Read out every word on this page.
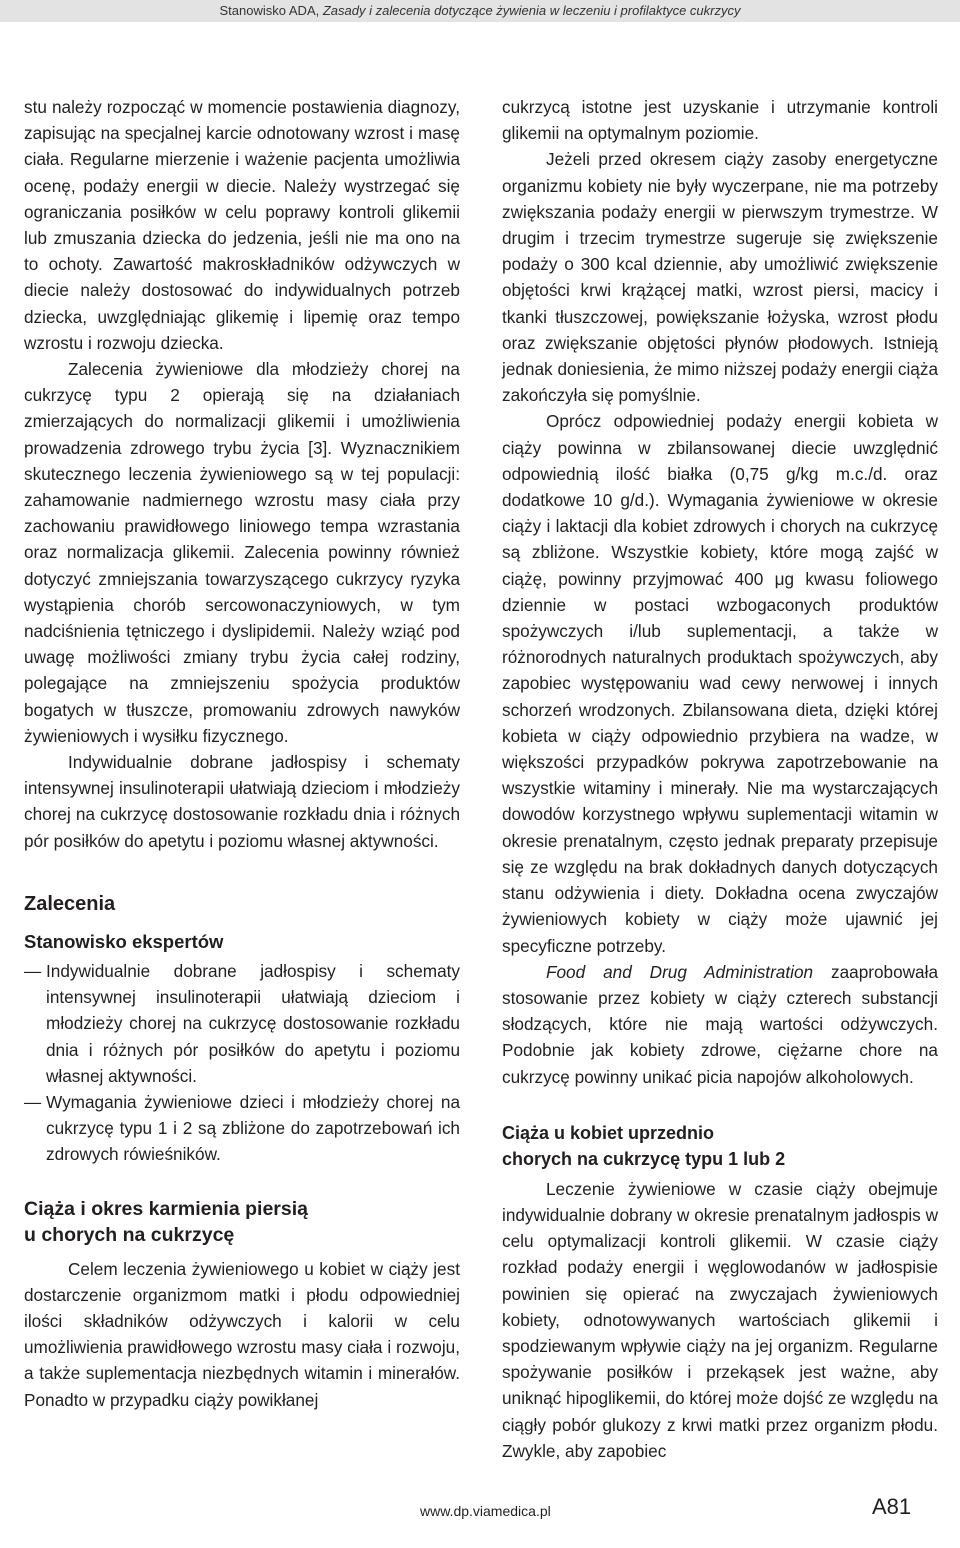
Stanowisko ADA, Zasady i zalecenia dotyczące żywienia w leczeniu i profilaktyce cukrzycy

stu należy rozpocząć w momencie postawienia diagnozy, zapisując na specjalnej karcie odnotowany wzrost i masę ciała. Regularne mierzenie i ważenie pacjenta umożliwia ocenę, podaży energii w diecie. Należy wystrzegać się ograniczania posiłków w celu poprawy kontroli glikemii lub zmuszania dziecka do jedzenia, jeśli nie ma ono na to ochoty. Zawartość makroskładników odżywczych w diecie należy dostosować do indywidualnych potrzeb dziecka, uwzględniając glikemię i lipemię oraz tempo wzrostu i rozwoju dziecka.

Zalecenia żywieniowe dla młodzieży chorej na cukrzycę typu 2 opierają się na działaniach zmierzających do normalizacji glikemii i umożliwienia prowadzenia zdrowego trybu życia [3]. Wyznacznikiem skutecznego leczenia żywieniowego są w tej populacji: zahamowanie nadmiernego wzrostu masy ciała przy zachowaniu prawidłowego liniowego tempa wzrastania oraz normalizacja glikemii. Zalecenia powinny również dotyczyć zmniejszania towarzyszącego cukrzycy ryzyka wystąpienia chorób sercowonaczyniowych, w tym nadciśnienia tętniczego i dyslipidemii. Należy wziąć pod uwagę możliwości zmiany trybu życia całej rodziny, polegające na zmniejszeniu spożycia produktów bogatych w tłuszcze, promowaniu zdrowych nawyków żywieniowych i wysiłku fizycznego.

Indywidualnie dobrane jadłospisy i schematy intensywnej insulinoterapii ułatwiają dzieciom i młodzieży chorej na cukrzycę dostosowanie rozkładu dnia i różnych pór posiłków do apetytu i poziomu własnej aktywności.

Zalecenia
Stanowisko ekspertów
— Indywidualnie dobrane jadłospisy i schematy intensywnej insulinoterapii ułatwiają dzieciom i młodzieży chorej na cukrzycę dostosowanie rozkładu dnia i różnych pór posiłków do apetytu i poziomu własnej aktywności.
— Wymagania żywieniowe dzieci i młodzieży chorej na cukrzycę typu 1 i 2 są zbliżone do zapotrzebowań ich zdrowych rówieśników.
Ciąża i okres karmienia piersią
u chorych na cukrzycę

Celem leczenia żywieniowego u kobiet w ciąży jest dostarczenie organizmom matki i płodu odpowiedniej ilości składników odżywczych i kalorii w celu umożliwienia prawidłowego wzrostu masy ciała i rozwoju, a także suplementacja niezbędnych witamin i minerałów. Ponadto w przypadku ciąży powikłanej

cukrzycą istotne jest uzyskanie i utrzymanie kontroli glikemii na optymalnym poziomie.

Jeżeli przed okresem ciąży zasoby energetyczne organizmu kobiety nie były wyczerpane, nie ma potrzeby zwiększania podaży energii w pierwszym trymestrze. W drugim i trzecim trymestrze sugeruje się zwiększenie podaży o 300 kcal dziennie, aby umożliwić zwiększenie objętości krwi krążącej matki, wzrost piersi, macicy i tkanki tłuszczowej, powiększanie łożyska, wzrost płodu oraz zwiększanie objętości płynów płodowych. Istnieją jednak doniesienia, że mimo niższej podaży energii ciąża zakończyła się pomyślnie.

Oprócz odpowiedniej podaży energii kobieta w ciąży powinna w zbilansowanej diecie uwzględnić odpowiednią ilość białka (0,75 g/kg m.c./d. oraz dodatkowe 10 g/d.). Wymagania żywieniowe w okresie ciąży i laktacji dla kobiet zdrowych i chorych na cukrzycę są zbliżone. Wszystkie kobiety, które mogą zajść w ciążę, powinny przyjmować 400 μg kwasu foliowego dziennie w postaci wzbogaconych produktów spożywczych i/lub suplementacji, a także w różnorodnych naturalnych produktach spożywczych, aby zapobiec występowaniu wad cewy nerwowej i innych schorzeń wrodzonych. Zbilansowana dieta, dzięki której kobieta w ciąży odpowiednio przybiera na wadze, w większości przypadków pokrywa zapotrzebowanie na wszystkie witaminy i minerały. Nie ma wystarczających dowodów korzystnego wpływu suplementacji witamin w okresie prenatalnym, często jednak preparaty przepisuje się ze względu na brak dokładnych danych dotyczących stanu odżywienia i diety. Dokładna ocena zwyczajów żywieniowych kobiety w ciąży może ujawnić jej specyficzne potrzeby.

Food and Drug Administration zaaprobowała stosowanie przez kobiety w ciąży czterech substancji słodzących, które nie mają wartości odżywczych. Podobnie jak kobiety zdrowe, ciężarne chore na cukrzycę powinny unikać picia napojów alkoholowych.

Ciąża u kobiet uprzednio
chorych na cukrzycę typu 1 lub 2

Leczenie żywieniowe w czasie ciąży obejmuje indywidualnie dobrany w okresie prenatalnym jadłospis w celu optymalizacji kontroli glikemii. W czasie ciąży rozkład podaży energii i węglowodanów w jadłospisie powinien się opierać na zwyczajach żywieniowych kobiety, odnotowywanych wartościach glikemii i spodziewanym wpływie ciąży na jej organizm. Regularne spożywanie posiłków i przekąsek jest ważne, aby uniknąć hipoglikemii, do której może dojść ze względu na ciągły pobór glukozy z krwi matki przez organizm płodu. Zwykle, aby zapobiec

www.dp.viamedica.pl	A81
